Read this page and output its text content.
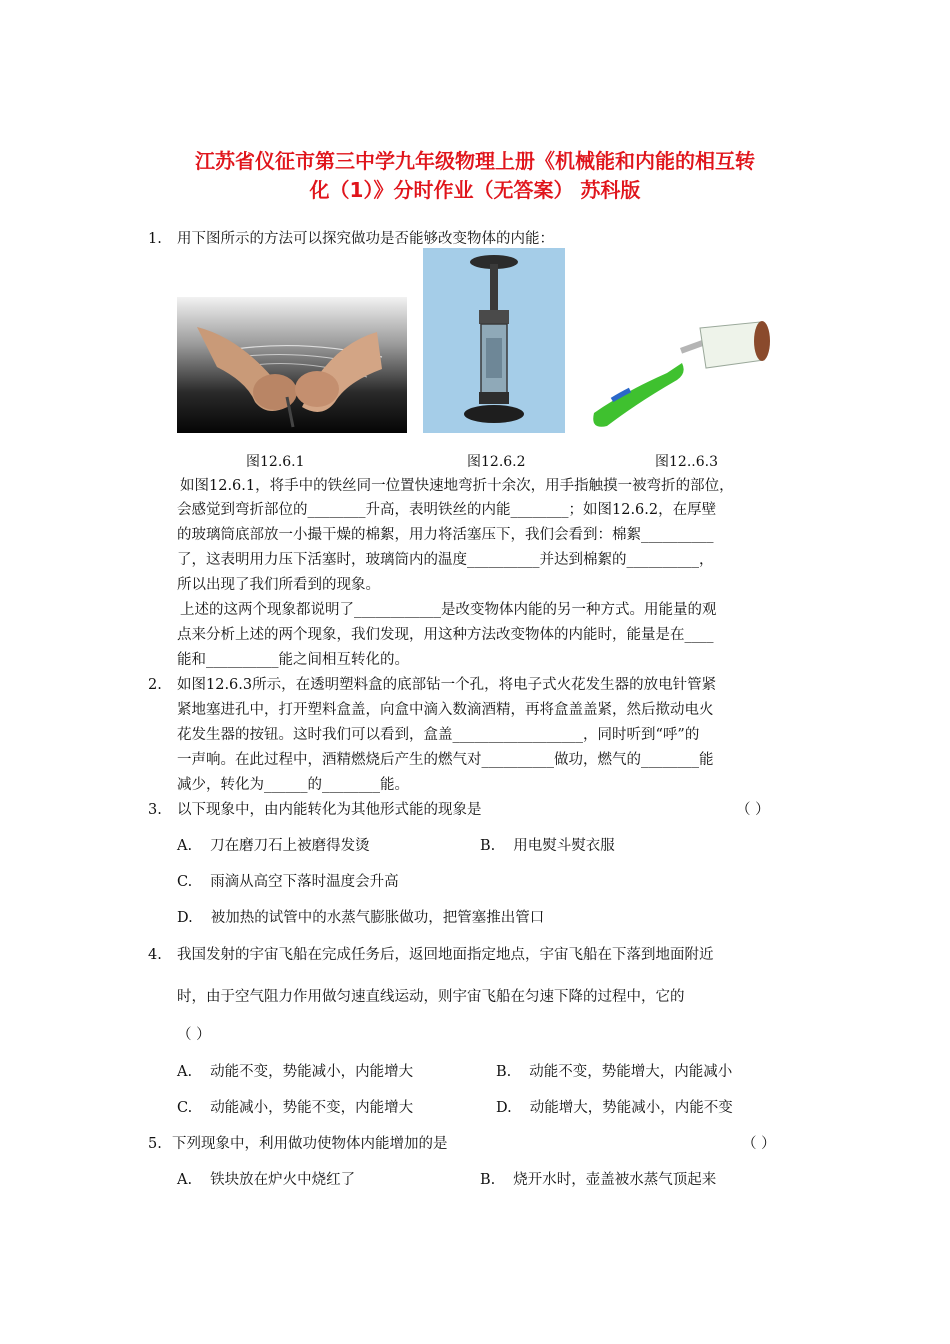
江苏省仪征市第三中学九年级物理上册《机械能和内能的相互转
化（1）》分时作业（无答案） 苏科版
1. 用下图所示的方法可以探究做功是否能够改变物体的内能：
图12.6.1	图12.6.2	图12..6.3
如图12.6.1，将手中的铁丝同一位置快速地弯折十余次，用手指触摸一被弯折的部位，
会感觉到弯折部位的________升高，表明铁丝的内能________；如图12.6.2，在厚壁
的玻璃筒底部放一小撮干燥的棉絮，用力将活塞压下，我们会看到：棉絮__________
了，这表明用力压下活塞时，玻璃筒内的温度__________并达到棉絮的__________，
所以出现了我们所看到的现象。
上述的这两个现象都说明了____________是改变物体内能的另一种方式。用能量的观
点来分析上述的两个现象，我们发现，用这种方法改变物体的内能时，能量是在____
能和__________能之间相互转化的。
2. 如图12.6.3所示，在透明塑料盒的底部钻一个孔，将电子式火花发生器的放电针管紧
紧地塞进孔中，打开塑料盒盖，向盒中滴入数滴酒精，再将盒盖盖紧，然后揿动电火
花发生器的按钮。这时我们可以看到，盒盖__________________，同时听到“呼”的
一声响。在此过程中，酒精燃烧后产生的燃气对__________做功，燃气的________能
减少，转化为______的________能。
3. 以下现象中，由内能转化为其他形式能的现象是	（ ）
A. 刀在磨刀石上被磨得发烫	B. 用电熨斗熨衣服
C. 雨滴从高空下落时温度会升高
D. 被加热的试管中的水蒸气膨胀做功，把管塞推出管口
4. 我国发射的宇宙飞船在完成任务后，返回地面指定地点，宇宙飞船在下落到地面附近
时，由于空气阻力作用做匀速直线运动，则宇宙飞船在匀速下降的过程中，它的
（ ）
A. 动能不变，势能减小，内能增大	B. 动能不变，势能增大，内能减小
C. 动能减小，势能不变，内能增大	D. 动能增大，势能减小，内能不变
5. 下列现象中，利用做功使物体内能增加的是	（ ）
A. 铁块放在炉火中烧红了	B. 烧开水时，壶盖被水蒸气顶起来
